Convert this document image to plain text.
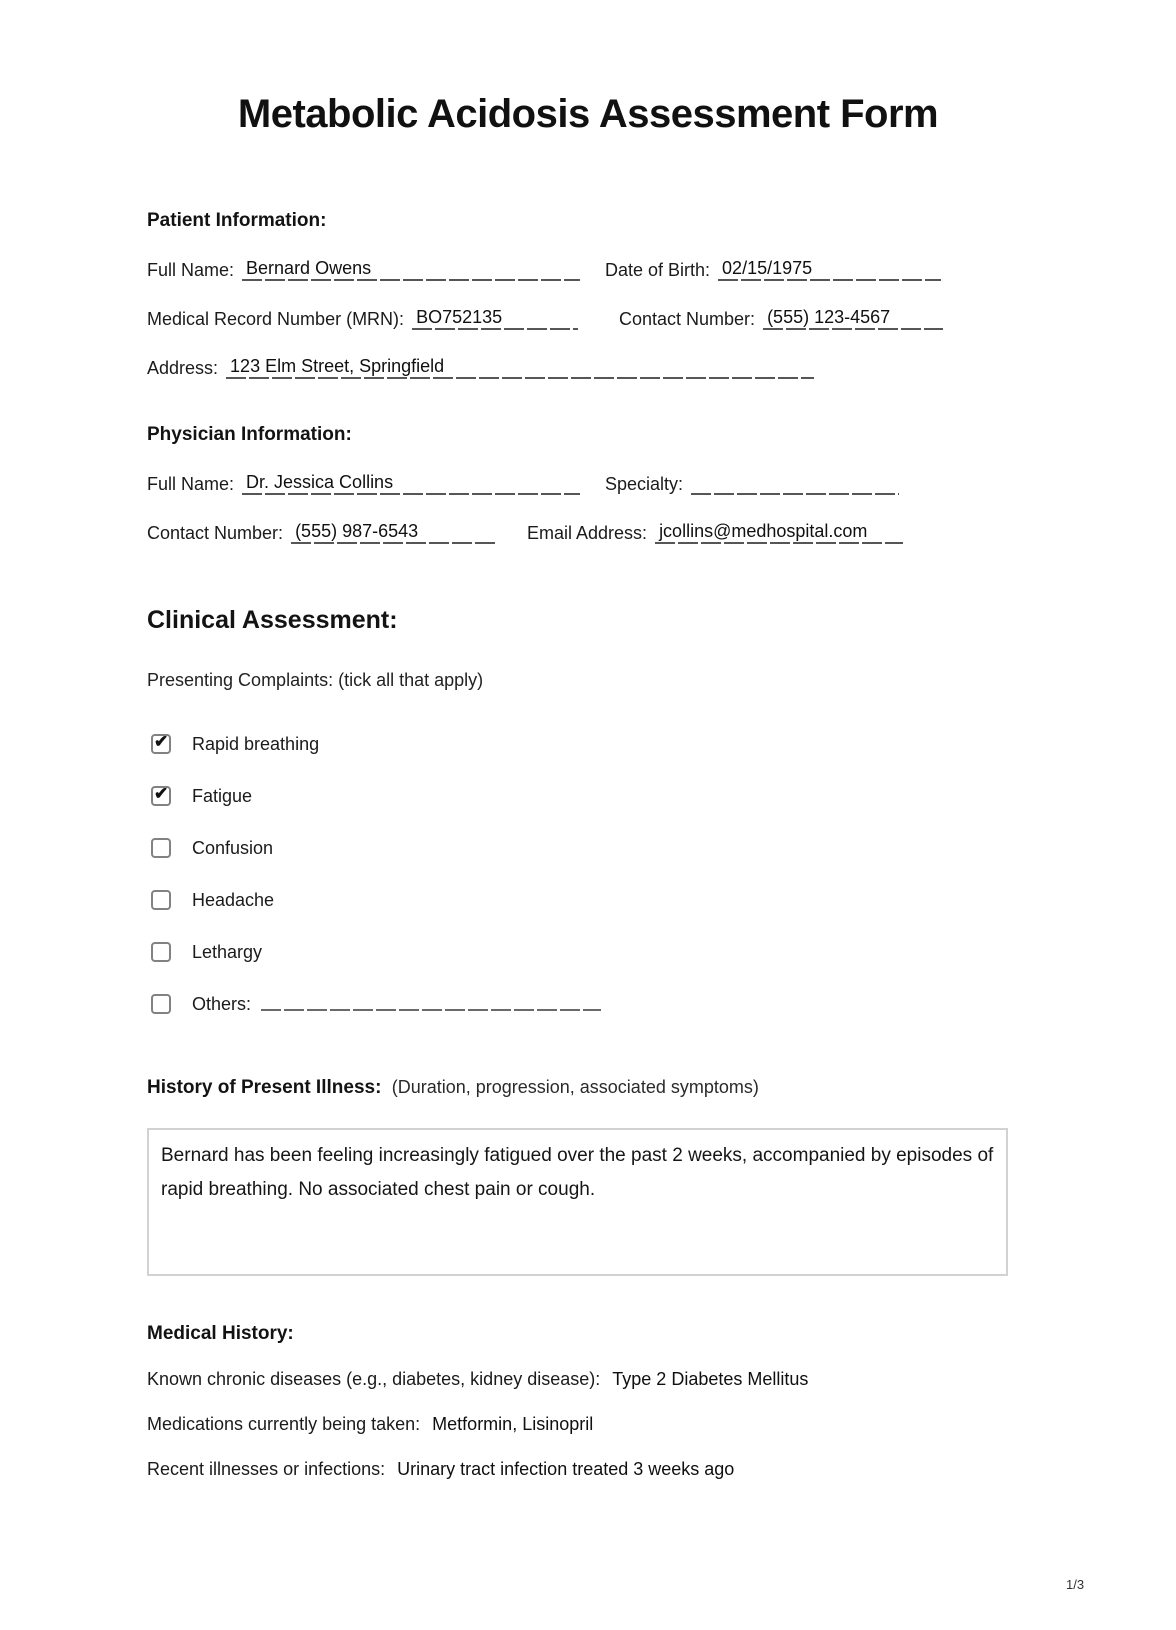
Metabolic Acidosis Assessment Form
Patient Information:
Full Name: Bernard Owens	Date of Birth: 02/15/1975
Medical Record Number (MRN): BO752135	Contact Number: (555) 123-4567
Address: 123 Elm Street, Springfield
Physician Information:
Full Name: Dr. Jessica Collins	Specialty:
Contact Number: (555) 987-6543	Email Address: jcollins@medhospital.com
Clinical Assessment:
Presenting Complaints: (tick all that apply)
✔
Rapid breathing
✔
Fatigue
Confusion
Headache
Lethargy
Others:
History of Present Illness: (Duration, progression, associated symptoms)
Bernard has been feeling increasingly fatigued over the past 2 weeks, accompanied by episodes of rapid breathing. No associated chest pain or cough.
Medical History:
Known chronic diseases (e.g., diabetes, kidney disease): Type 2 Diabetes Mellitus
Medications currently being taken: Metformin, Lisinopril
Recent illnesses or infections: Urinary tract infection treated 3 weeks ago
1/3
